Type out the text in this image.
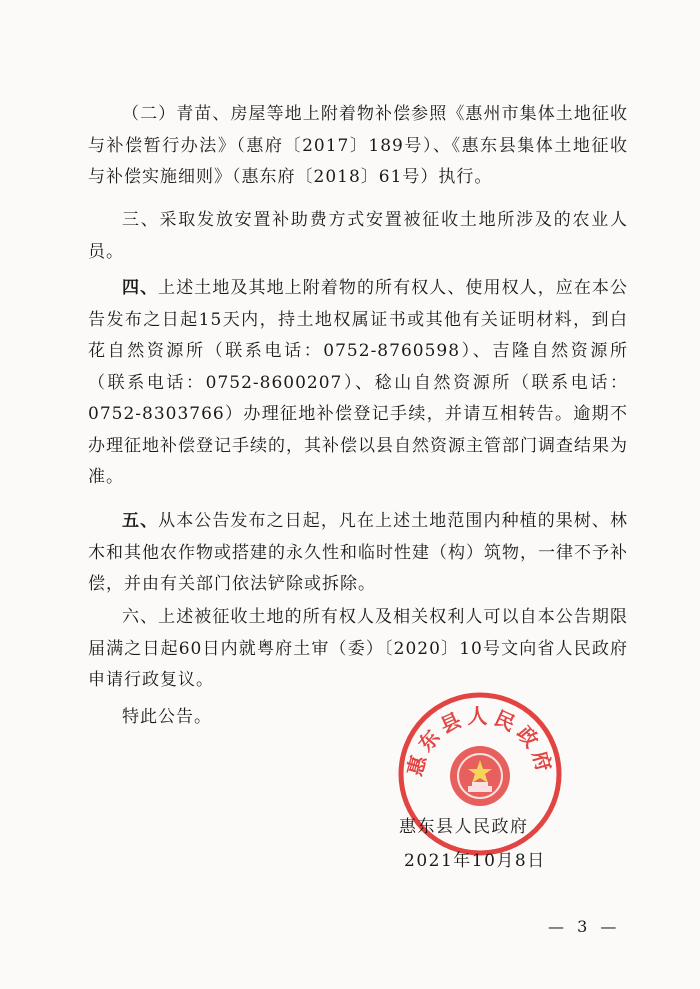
（二）青苗、房屋等地上附着物补偿参照《惠州市集体土地征收与补偿暂行办法》（惠府〔2017〕189号）、《惠东县集体土地征收与补偿实施细则》（惠东府〔2018〕61号）执行。

三、采取发放安置补助费方式安置被征收土地所涉及的农业人员。

四、上述土地及其地上附着物的所有权人、使用权人，应在本公告发布之日起15天内，持土地权属证书或其他有关证明材料，到白花自然资源所（联系电话：0752-8760598）、吉隆自然资源所（联系电话：0752-8600207）、稔山自然资源所（联系电话：0752-8303766）办理征地补偿登记手续，并请互相转告。逾期不办理征地补偿登记手续的，其补偿以县自然资源主管部门调查结果为准。

五、从本公告发布之日起，凡在上述土地范围内种植的果树、林木和其他农作物或搭建的永久性和临时性建（构）筑物，一律不予补偿，并由有关部门依法铲除或拆除。

六、上述被征收土地的所有权人及相关权利人可以自本公告期限届满之日起60日内就粤府土审（委）〔2020〕10号文向省人民政府申请行政复议。

特此公告。

惠东县人民政府

惠东县人民政府

2021年10月8日

— 3 —
